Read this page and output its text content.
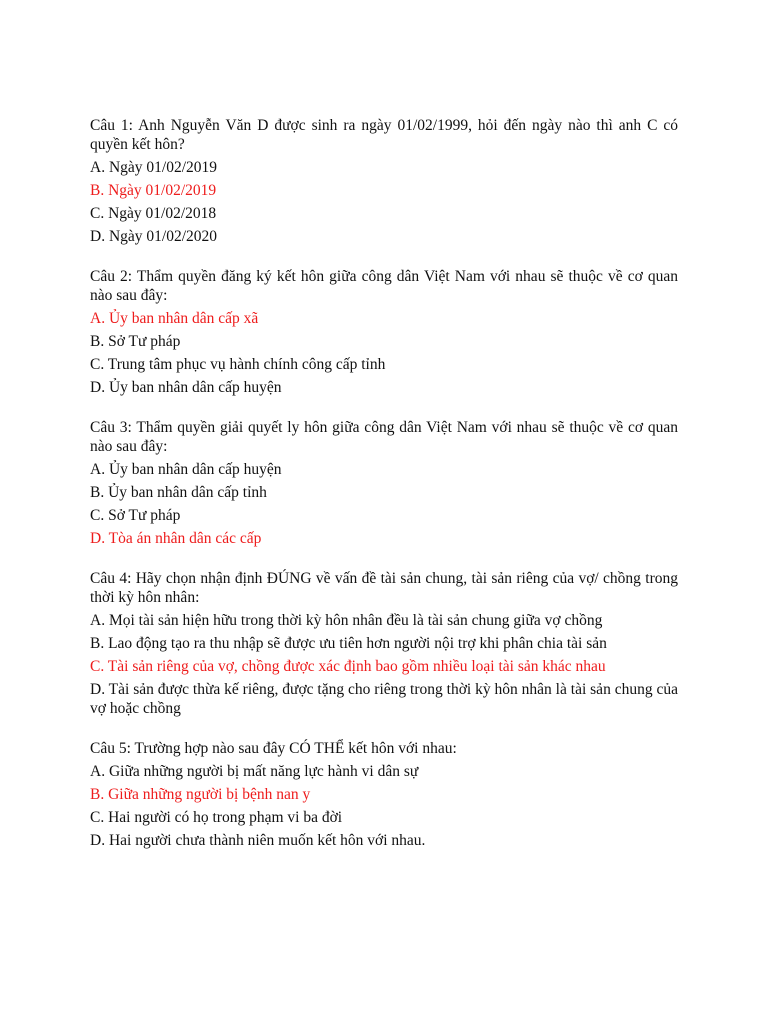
Câu 1: Anh Nguyễn Văn D được sinh ra ngày 01/02/1999, hỏi đến ngày nào thì anh C có quyền kết hôn?
A. Ngày 01/02/2019
B. Ngày 01/02/2019
C. Ngày 01/02/2018
D. Ngày 01/02/2020
Câu 2: Thẩm quyền đăng ký kết hôn giữa công dân Việt Nam với nhau sẽ thuộc về cơ quan nào sau đây:
A. Ủy ban nhân dân cấp xã
B. Sở Tư pháp
C. Trung tâm phục vụ hành chính công cấp tỉnh
D. Ủy ban nhân dân cấp huyện
Câu 3: Thẩm quyền giải quyết ly hôn giữa công dân Việt Nam với nhau sẽ thuộc về cơ quan nào sau đây:
A. Ủy ban nhân dân cấp huyện
B. Ủy ban nhân dân cấp tỉnh
C. Sở Tư pháp
D. Tòa án nhân dân các cấp
Câu 4: Hãy chọn nhận định ĐÚNG về vấn đề tài sản chung, tài sản riêng của vợ/ chồng trong thời kỳ hôn nhân:
A. Mọi tài sản hiện hữu trong thời kỳ hôn nhân đều là tài sản chung giữa vợ chồng
B. Lao động tạo ra thu nhập sẽ được ưu tiên hơn người nội trợ khi phân chia tài sản
C. Tài sản riêng của vợ, chồng được xác định bao gồm nhiều loại tài sản khác nhau
D. Tài sản được thừa kế riêng, được tặng cho riêng trong thời kỳ hôn nhân là tài sản chung của vợ hoặc chồng
Câu 5: Trường hợp nào sau đây CÓ THỂ kết hôn với nhau:
A. Giữa những người bị mất năng lực hành vi dân sự
B. Giữa những người bị bệnh nan y
C. Hai người có họ trong phạm vi ba đời
D. Hai người chưa thành niên muốn kết hôn với nhau.
